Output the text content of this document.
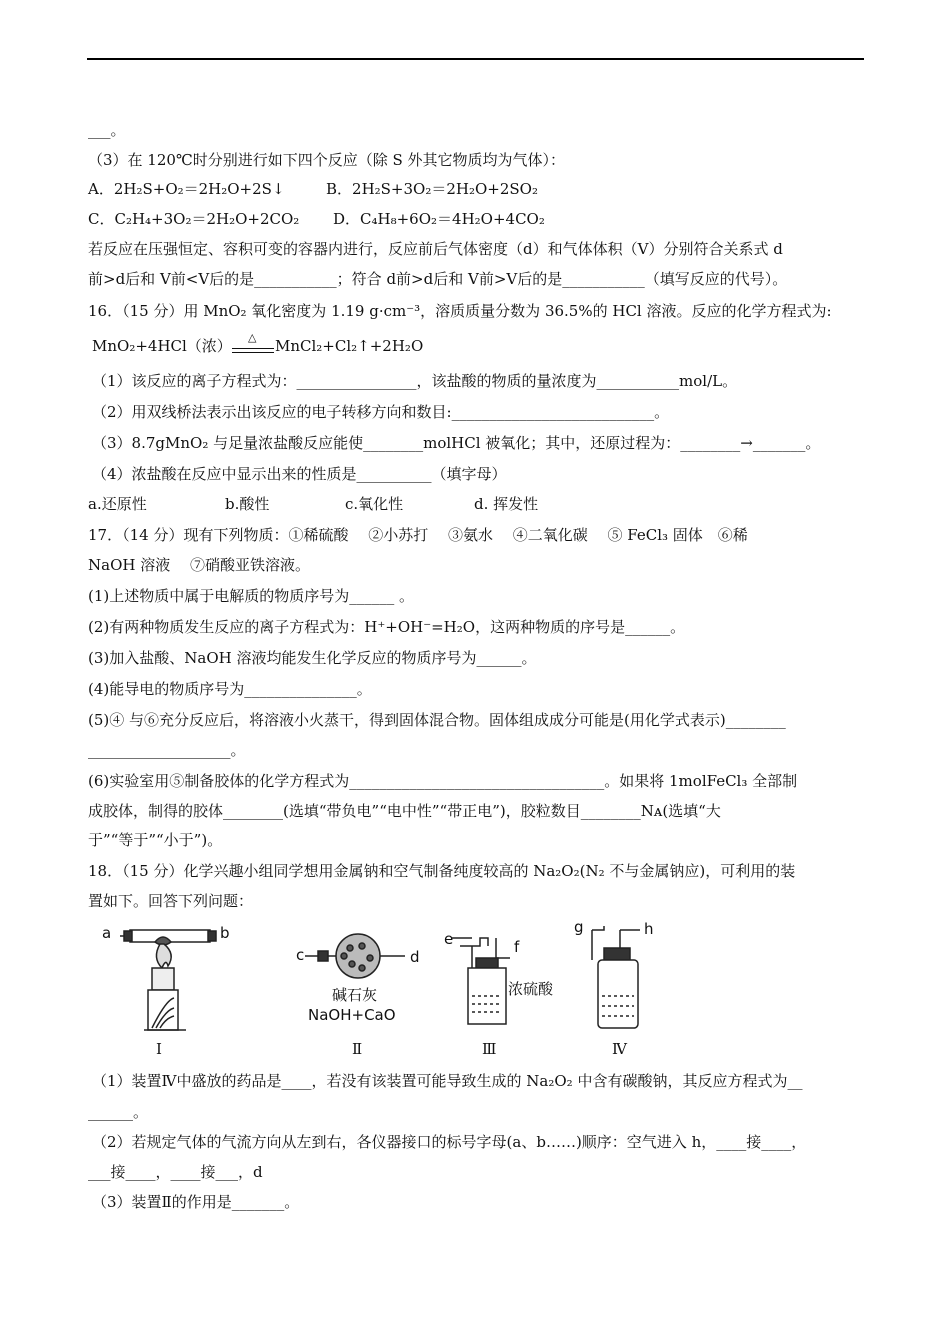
___。
（3）在 120℃时分别进行如下四个反应（除 S 外其它物质均为气体）：
A．2H₂S+O₂＝2H₂O+2S↓	B．2H₂S+3O₂＝2H₂O+2SO₂
C．C₂H₄+3O₂＝2H₂O+2CO₂ D．C₄H₈+6O₂＝4H₂O+4CO₂
若反应在压强恒定、容积可变的容器内进行，反应前后气体密度（d）和气体体积（V）分别符合关系式 d
前>d后和 V前<V后的是___________；符合 d前>d后和 V前>V后的是___________（填写反应的代号）。
16．（15 分）用 MnO₂ 氧化密度为 1.19 g·cm⁻³，溶质质量分数为 36.5%的 HCl 溶液。反应的化学方程式为:
MnO₂+4HCl（浓） △ MnCl₂+Cl₂↑+2H₂O
（1）该反应的离子方程式为：________________，该盐酸的物质的量浓度为___________mol/L。
（2）用双线桥法表示出该反应的电子转移方向和数目:___________________________。
（3）8.7gMnO₂ 与足量浓盐酸反应能使________molHCl 被氧化；其中，还原过程为：________→_______。
（4）浓盐酸在反应中显示出来的性质是__________（填字母）
a.还原性	b.酸性	c.氧化性	d. 挥发性
17．（14 分）现有下列物质：①稀硫酸　 ②小苏打　 ③氨水　 ④二氧化碳　 ⑤ FeCl₃ 固体　⑥稀
NaOH 溶液　 ⑦硝酸亚铁溶液。
(1)上述物质中属于电解质的物质序号为______ 。
(2)有两种物质发生反应的离子方程式为：H⁺+OH⁻=H₂O，这两种物质的序号是______。
(3)加入盐酸、NaOH 溶液均能发生化学反应的物质序号为______。
(4)能导电的物质序号为_______________。
(5)④ 与⑥充分反应后，将溶液小火蒸干，得到固体混合物。固体组成成分可能是(用化学式表示)________
___________________。
(6)实验室用⑤制备胶体的化学方程式为__________________________________。如果将 1molFeCl₃ 全部制
成胶体，制得的胶体________(选填“带负电”“电中性”“带正电”)，胶粒数目________Nᴀ(选填“大
于”“等于”“小于”)。
18．（15 分）化学兴趣小组同学想用金属钠和空气制备纯度较高的 Na₂O₂(N₂ 不与金属钠应)，可利用的装
置如下。回答下列问题：
a	b
c	d
e	f
g	h
碱石灰
NaOH+CaO
浓硫酸
Ⅰ	Ⅱ	Ⅲ	Ⅳ
（1）装置Ⅳ中盛放的药品是____，若没有该装置可能导致生成的 Na₂O₂ 中含有碳酸钠，其反应方程式为__
______。
（2）若规定气体的气流方向从左到右，各仪器接口的标号字母(a、b……)顺序：空气进入 h，____接____，
___接____，____接___，d
（3）装置Ⅱ的作用是_______。
